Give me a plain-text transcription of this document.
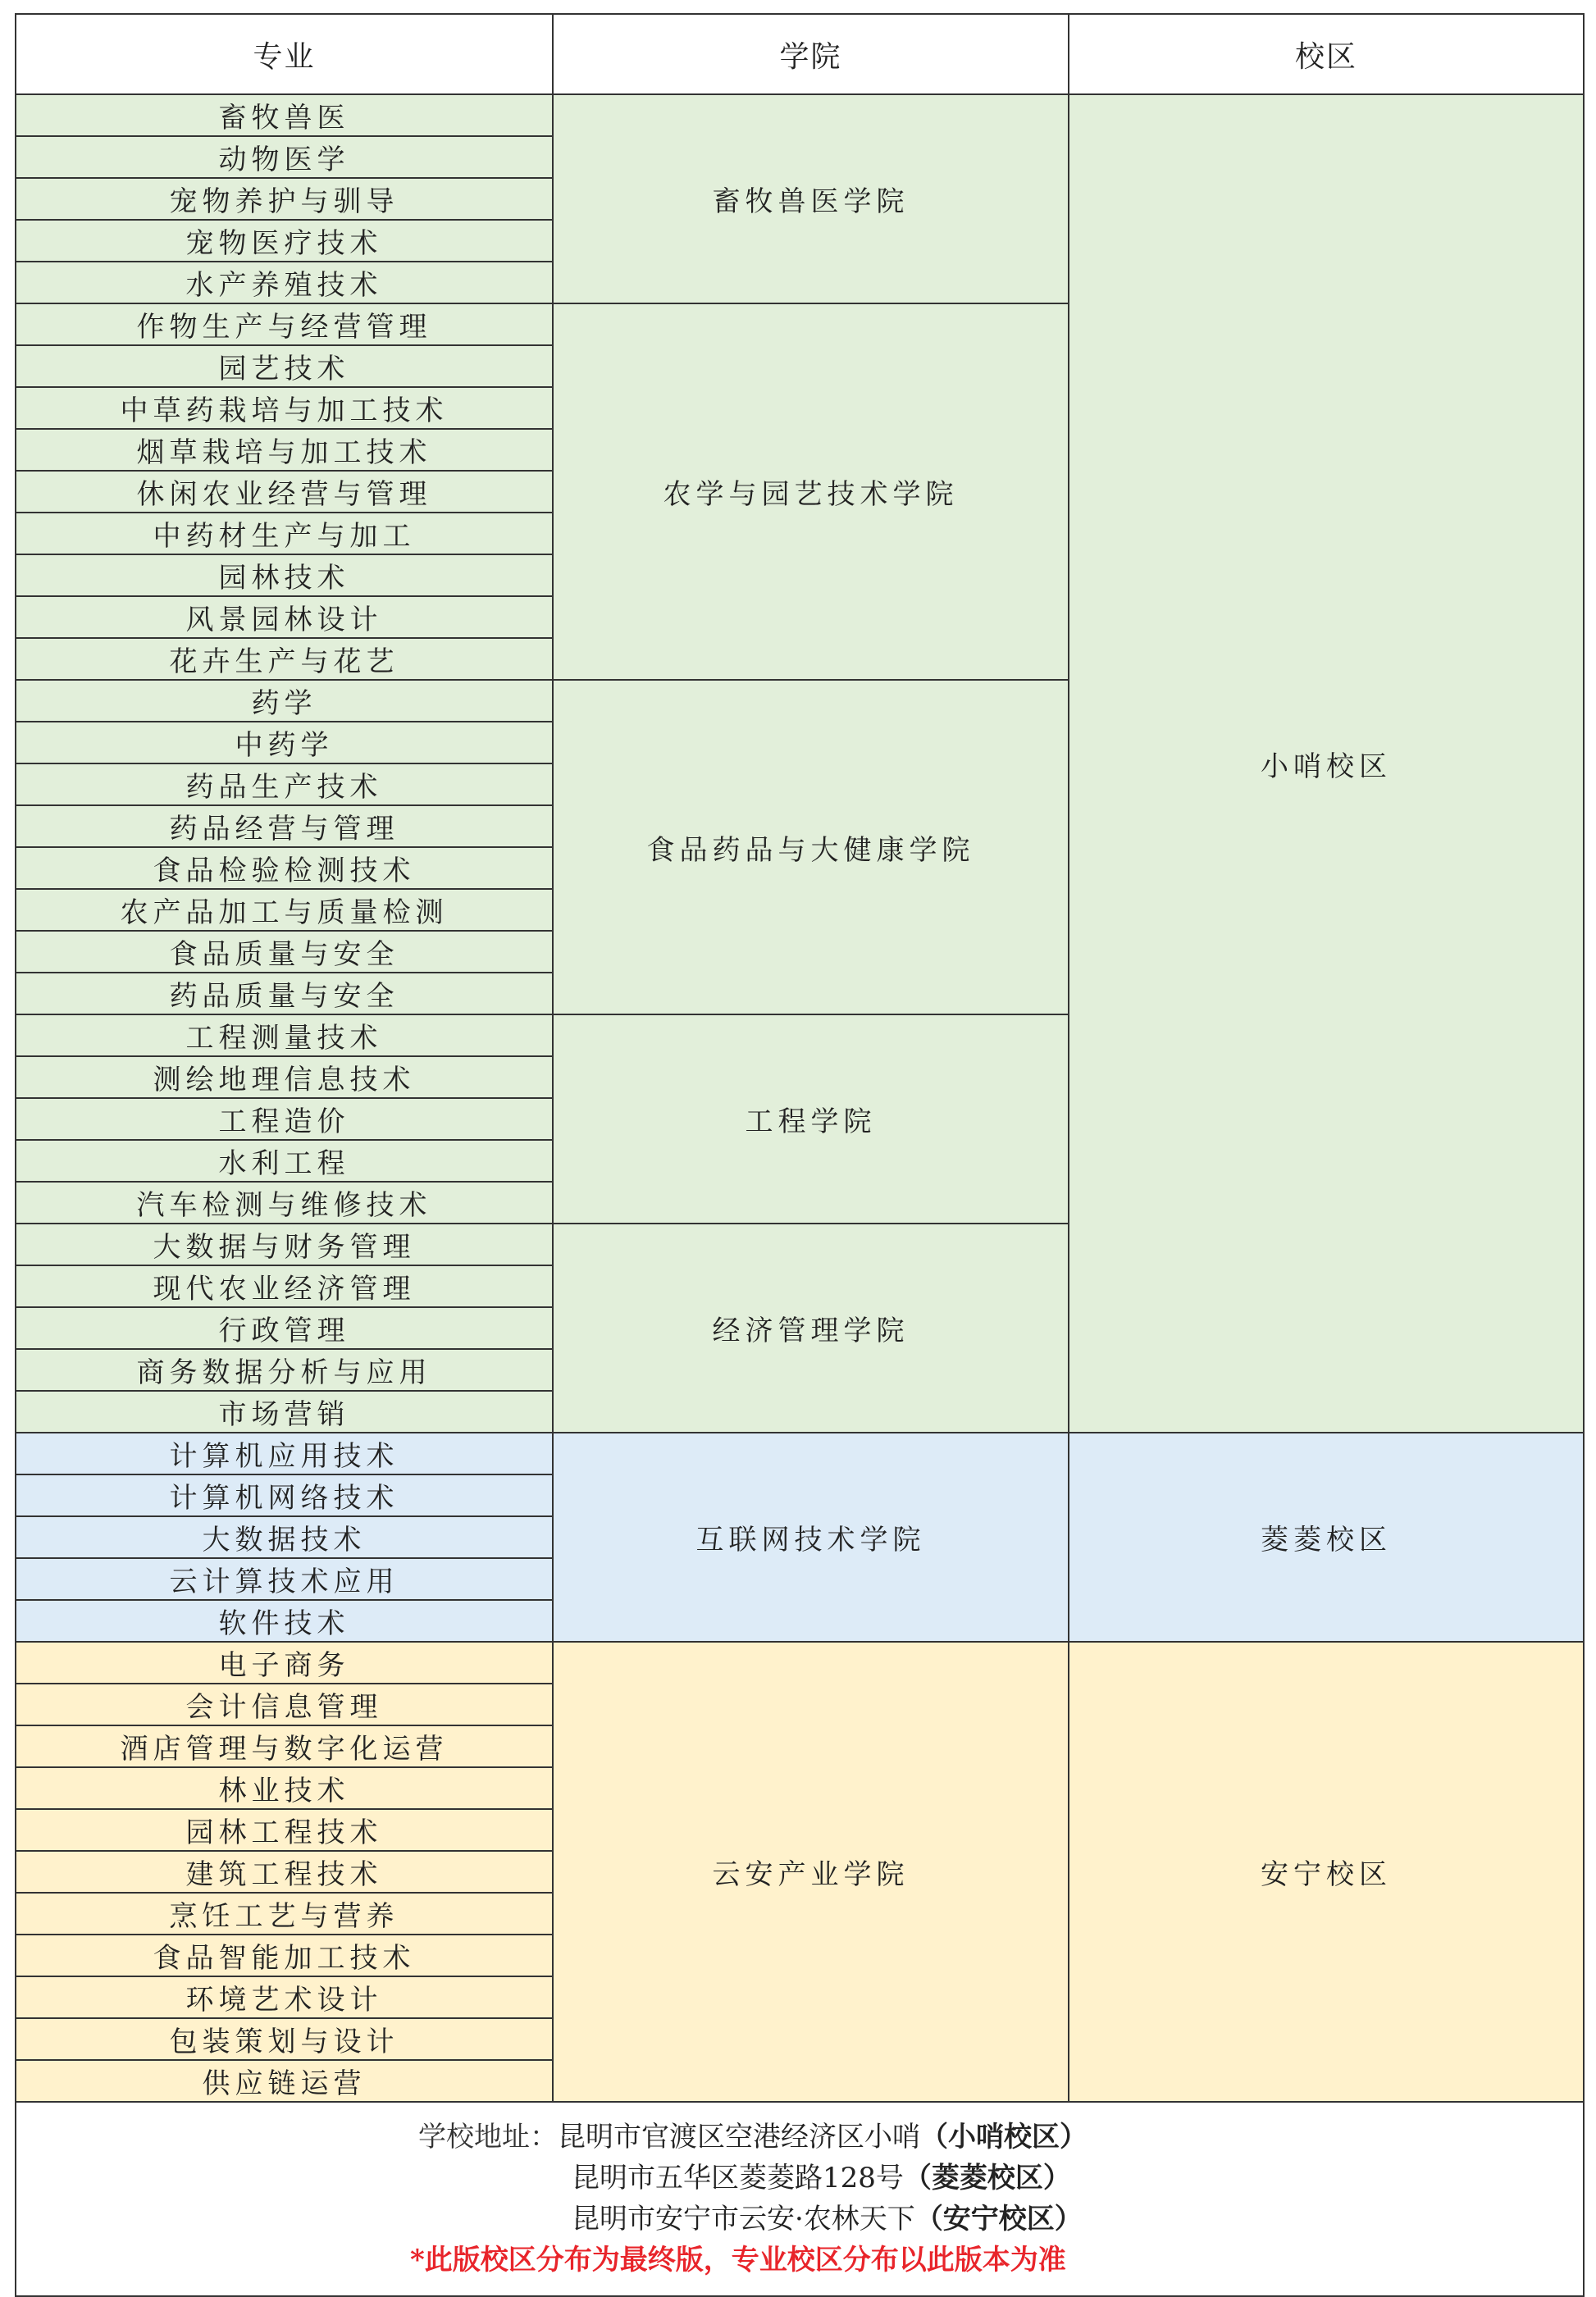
专业	学院	校区
畜牧兽医	畜牧兽医学院	小哨校区
动物医学		
宠物养护与驯导		
宠物医疗技术		
水产养殖技术		
作物生产与经营管理	农学与园艺技术学院	
园艺技术		
中草药栽培与加工技术		
烟草栽培与加工技术		
休闲农业经营与管理		
中药材生产与加工		
园林技术		
风景园林设计		
花卉生产与花艺		
药学	食品药品与大健康学院	
中药学		
药品生产技术		
药品经营与管理		
食品检验检测技术		
农产品加工与质量检测		
食品质量与安全		
药品质量与安全		
工程测量技术	工程学院	
测绘地理信息技术		
工程造价		
水利工程		
汽车检测与维修技术		
大数据与财务管理	经济管理学院	
现代农业经济管理		
行政管理		
商务数据分析与应用		
市场营销		
计算机应用技术	互联网技术学院	菱菱校区
计算机网络技术		
大数据技术		
云计算技术应用		
软件技术		
电子商务	云安产业学院	安宁校区
会计信息管理		
酒店管理与数字化运营		
林业技术		
园林工程技术		
建筑工程技术		
烹饪工艺与营养		
食品智能加工技术		
环境艺术设计		
包装策划与设计		
供应链运营		

学校地址：昆明市官渡区空港经济区小哨（小哨校区）
昆明市五华区菱菱路128号（菱菱校区）
昆明市安宁市云安·农林天下（安宁校区）
*此版校区分布为最终版，专业校区分布以此版本为准		
